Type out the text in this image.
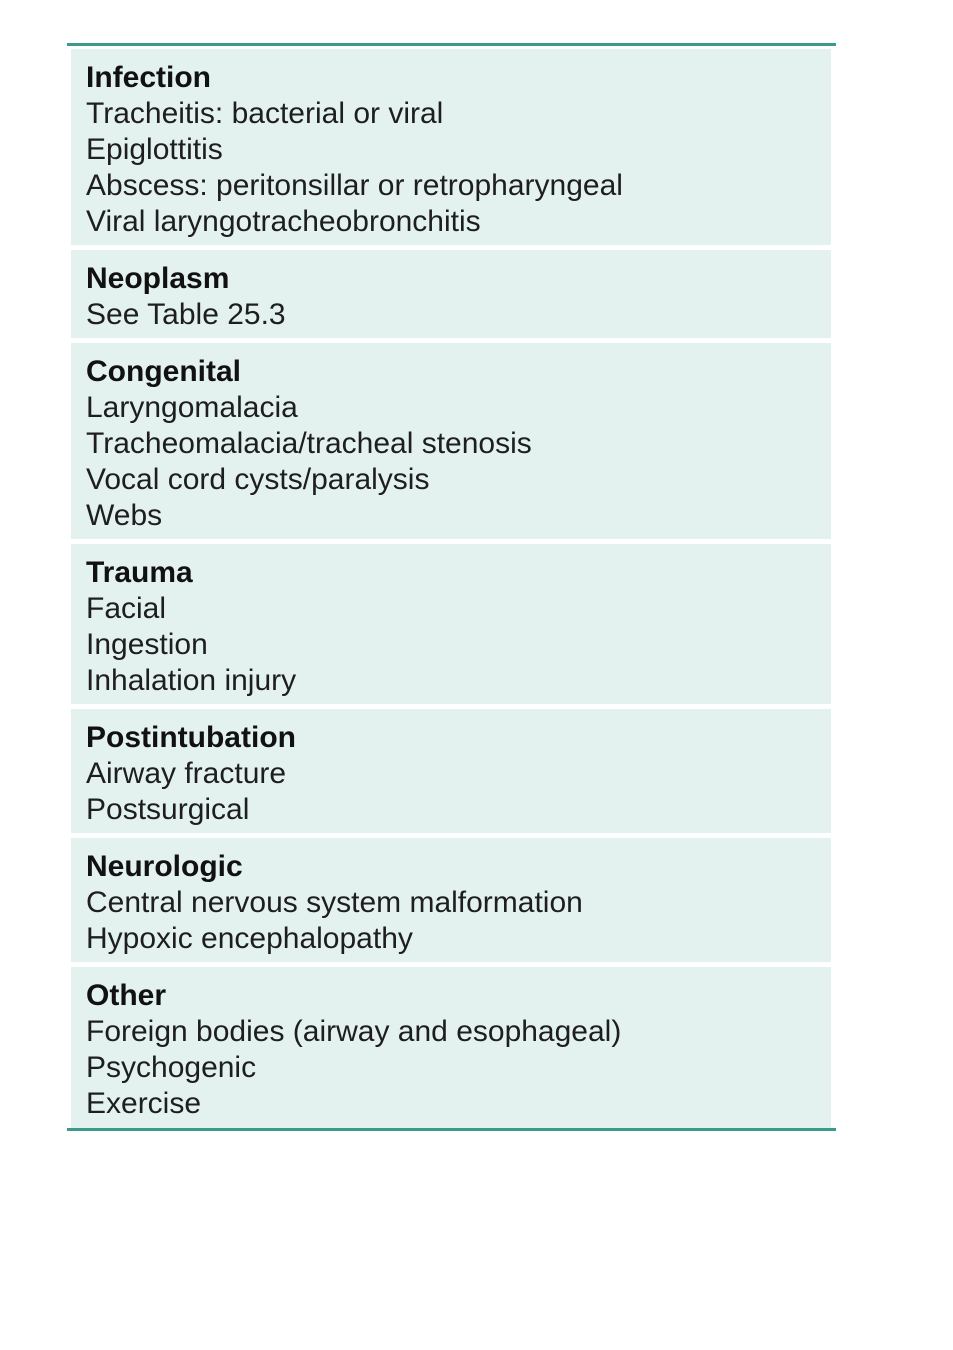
Infection
Tracheitis: bacterial or viral
Epiglottitis
Abscess: peritonsillar or retropharyngeal
Viral laryngotracheobronchitis
Neoplasm
See Table 25.3
Congenital
Laryngomalacia
Tracheomalacia/tracheal stenosis
Vocal cord cysts/paralysis
Webs
Trauma
Facial
Ingestion
Inhalation injury
Postintubation
Airway fracture
Postsurgical
Neurologic
Central nervous system malformation
Hypoxic encephalopathy
Other
Foreign bodies (airway and esophageal)
Psychogenic
Exercise
